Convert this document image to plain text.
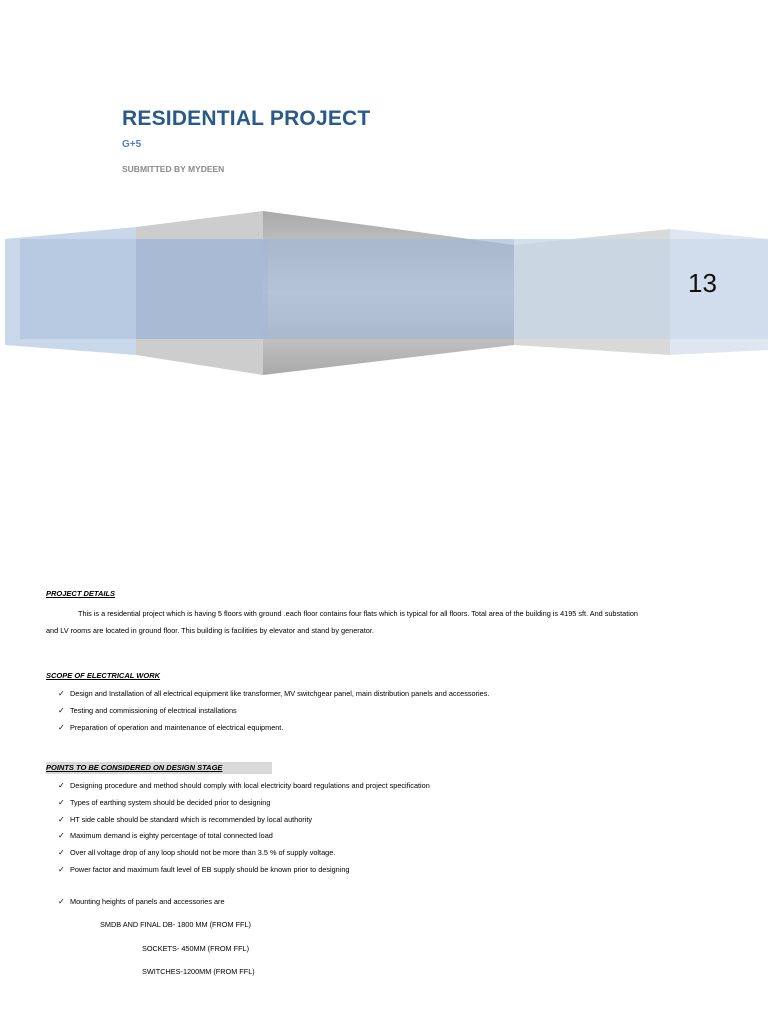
RESIDENTIAL PROJECT
G+5
SUBMITTED BY MYDEEN
13
PROJECT DETAILS

This is a residential project which is having 5 floors with ground .each floor contains four flats which is typical for all floors. Total area of the building is 4195 sft. And substation
and LV rooms are located in ground floor. This building is facilities by elevator and stand by generator.

SCOPE OF ELECTRICAL WORK
✓ Design and Installation of all electrical equipment like transformer, MV switchgear panel, main distribution panels and accessories.
✓ Testing and commissioning of electrical installations
✓ Preparation of operation and maintenance of electrical equipment.
POINTS TO BE CONSIDERED ON DESIGN STAGE
✓ Designing procedure and method should comply with local electricity board regulations and project specification
✓ Types of earthing system should be decided prior to designing
✓ HT side cable should be standard which is recommended by local authority
✓ Maximum demand is eighty percentage of total connected load
✓ Over all voltage drop of any loop should not be more than 3.5 % of supply voltage.
✓ Power factor and maximum fault level of EB supply should be known prior to designing
✓ Mounting heights of panels and accessories are
SMDB AND FINAL DB- 1800 MM (FROM FFL)
SOCKETS- 450MM (FROM FFL)
SWITCHES-1200MM (FROM FFL)
